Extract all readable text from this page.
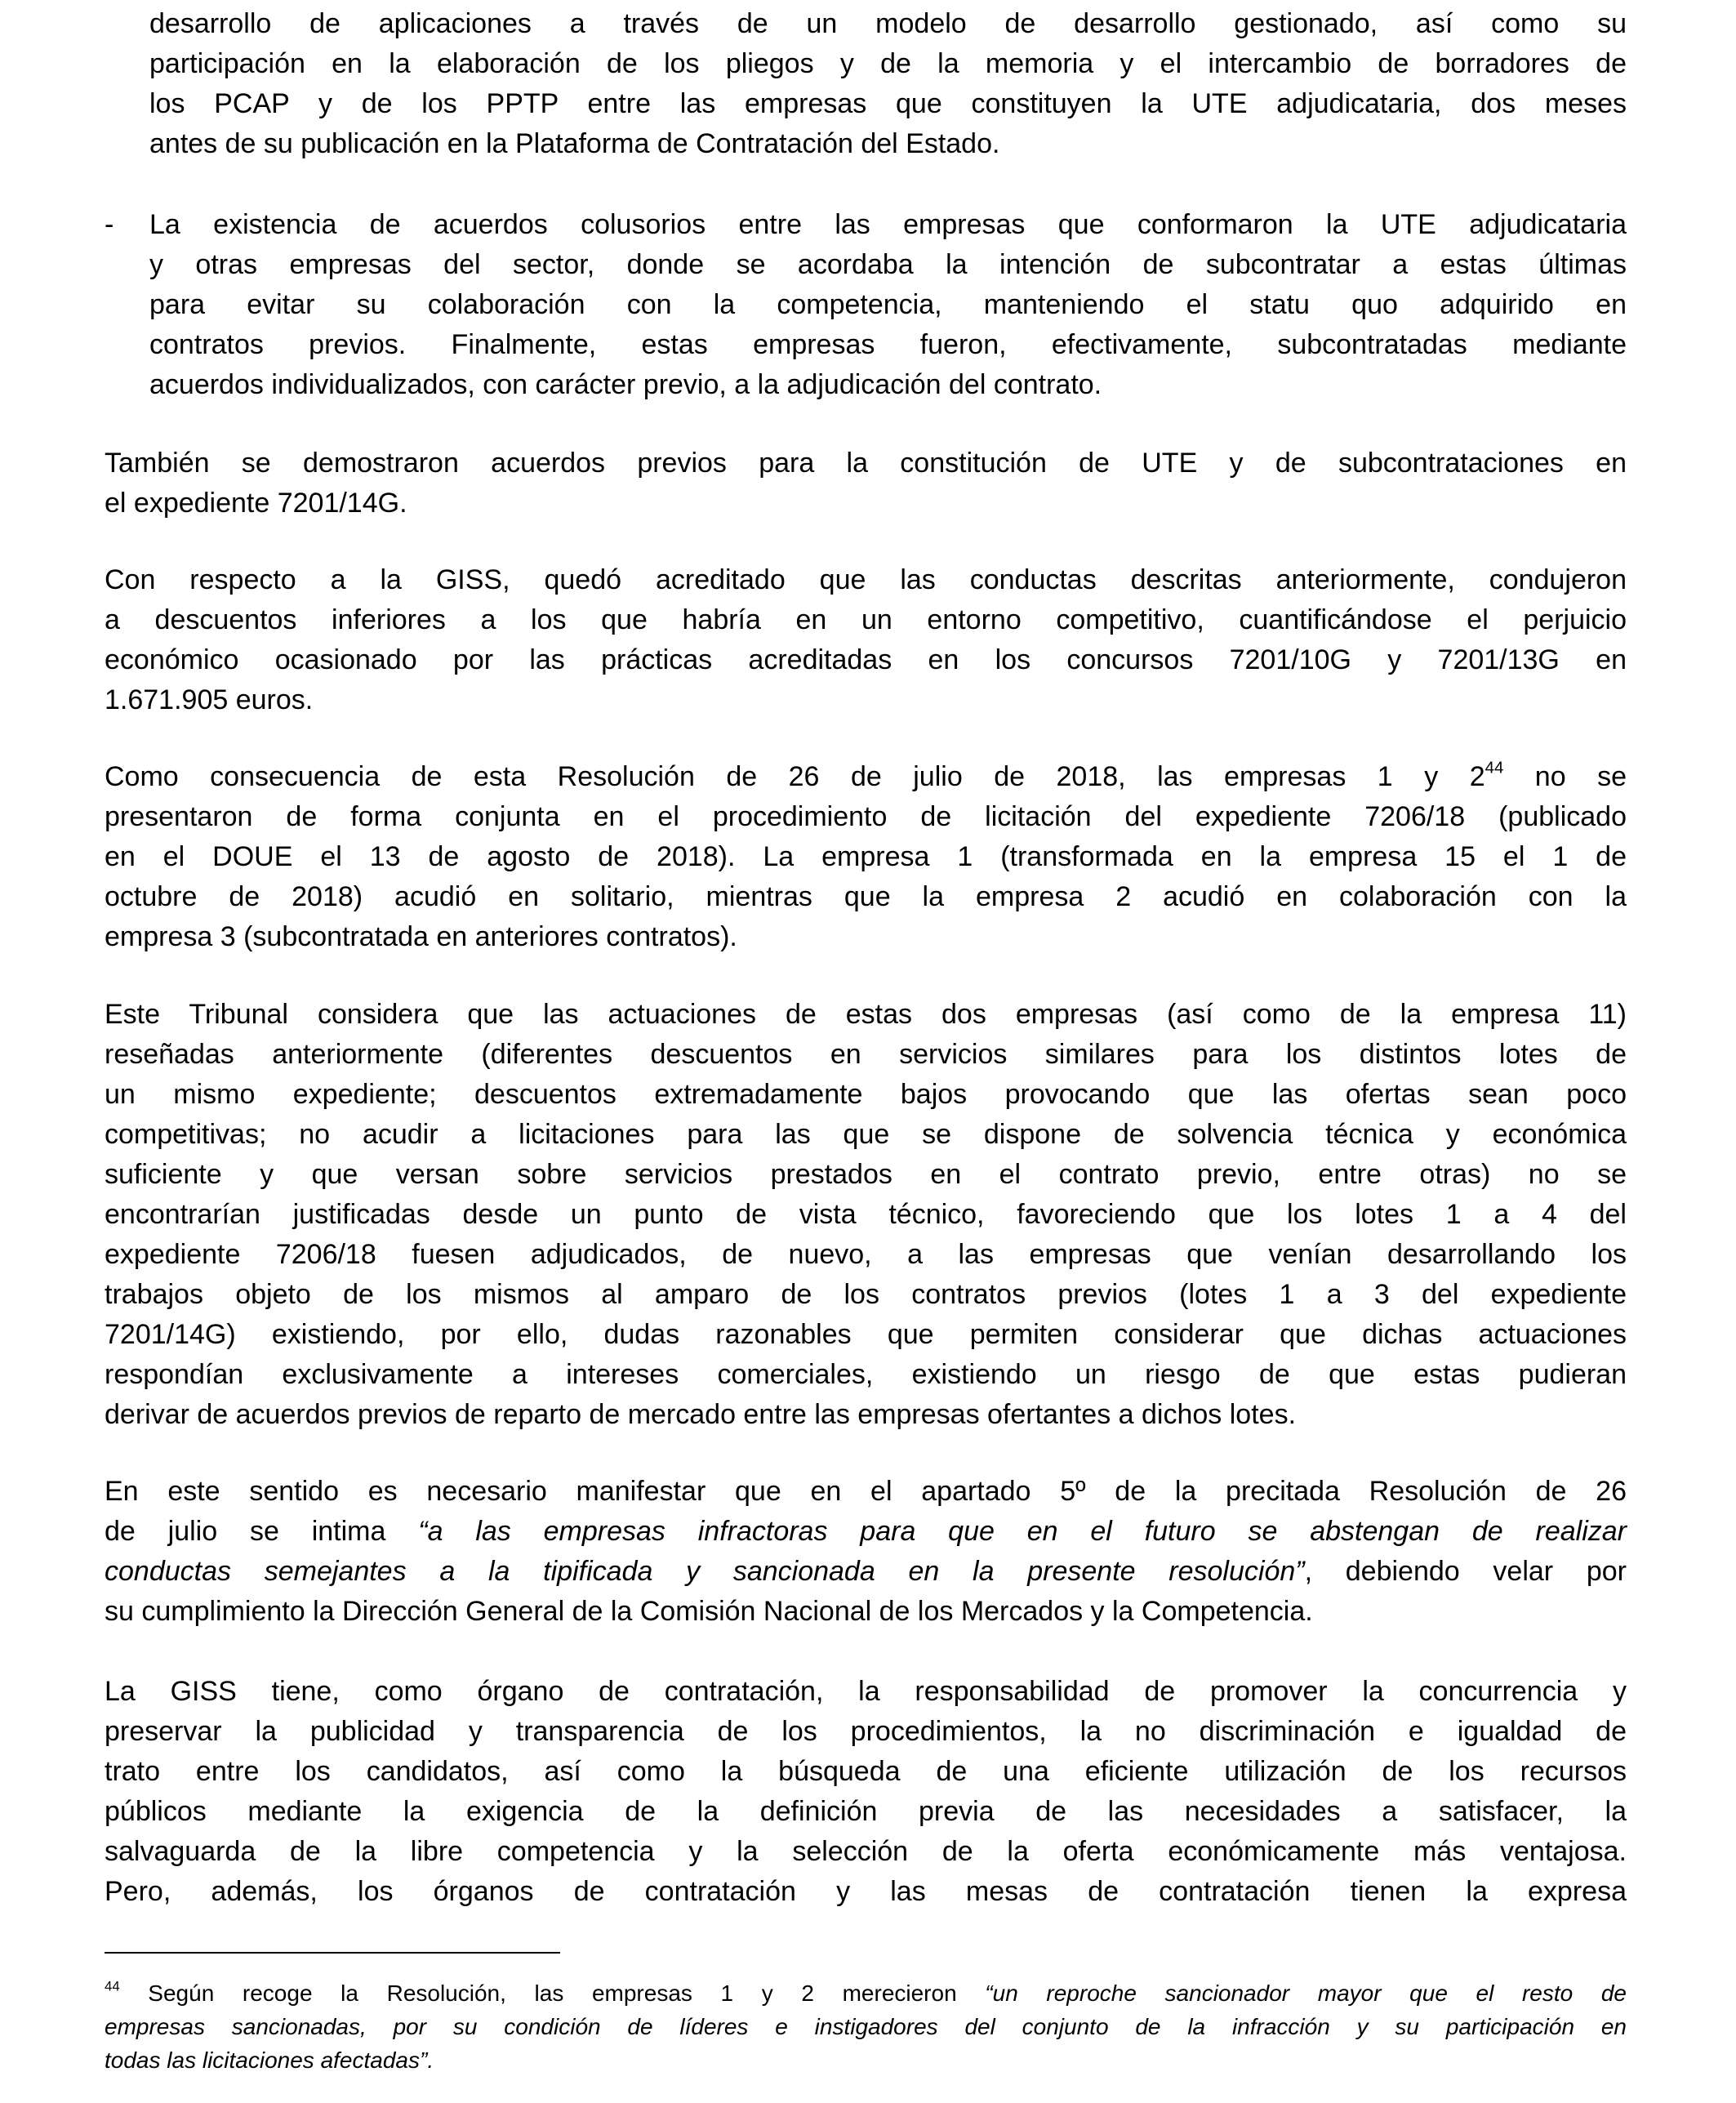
desarrollo de aplicaciones a través de un modelo de desarrollo gestionado, así como su
participación en la elaboración de los pliegos y de la memoria y el intercambio de borradores de
los PCAP y de los PPTP entre las empresas que constituyen la UTE adjudicataria, dos meses
antes de su publicación en la Plataforma de Contratación del Estado.
- La existencia de acuerdos colusorios entre las empresas que conformaron la UTE adjudicataria
y otras empresas del sector, donde se acordaba la intención de subcontratar a estas últimas
para evitar su colaboración con la competencia, manteniendo el statu quo adquirido en
contratos previos. Finalmente, estas empresas fueron, efectivamente, subcontratadas mediante
acuerdos individualizados, con carácter previo, a la adjudicación del contrato.
También se demostraron acuerdos previos para la constitución de UTE y de subcontrataciones en
el expediente 7201/14G.
Con respecto a la GISS, quedó acreditado que las conductas descritas anteriormente, condujeron
a descuentos inferiores a los que habría en un entorno competitivo, cuantificándose el perjuicio
económico ocasionado por las prácticas acreditadas en los concursos 7201/10G y 7201/13G en
1.671.905 euros.
Como consecuencia de esta Resolución de 26 de julio de 2018, las empresas 1 y $2^{44}$ no se
presentaron de forma conjunta en el procedimiento de licitación del expediente 7206/18 (publicado
en el DOUE el 13 de agosto de 2018). La empresa 1 (transformada en la empresa 15 el 1 de
octubre de 2018) acudió en solitario, mientras que la empresa 2 acudió en colaboración con la
empresa 3 (subcontratada en anteriores contratos).
Este Tribunal considera que las actuaciones de estas dos empresas (así como de la empresa 11)
reseñadas anteriormente (diferentes descuentos en servicios similares para los distintos lotes de
un mismo expediente; descuentos extremadamente bajos provocando que las ofertas sean poco
competitivas; no acudir a licitaciones para las que se dispone de solvencia técnica y económica
suficiente y que versan sobre servicios prestados en el contrato previo, entre otras) no se
encontrarían justificadas desde un punto de vista técnico, favoreciendo que los lotes 1 a 4 del
expediente 7206/18 fuesen adjudicados, de nuevo, a las empresas que venían desarrollando los
trabajos objeto de los mismos al amparo de los contratos previos (lotes 1 a 3 del expediente
7201/14G) existiendo, por ello, dudas razonables que permiten considerar que dichas actuaciones
respondían exclusivamente a intereses comerciales, existiendo un riesgo de que estas pudieran
derivar de acuerdos previos de reparto de mercado entre las empresas ofertantes a dichos lotes.
En este sentido es necesario manifestar que en el apartado 5º de la precitada Resolución de 26
de julio se intima “a las empresas infractoras para que en el futuro se abstengan de realizar
conductas semejantes a la tipificada y sancionada en la presente resolución”, debiendo velar por
su cumplimiento la Dirección General de la Comisión Nacional de los Mercados y la Competencia.
La GISS tiene, como órgano de contratación, la responsabilidad de promover la concurrencia y
preservar la publicidad y transparencia de los procedimientos, la no discriminación e igualdad de
trato entre los candidatos, así como la búsqueda de una eficiente utilización de los recursos
públicos mediante la exigencia de la definición previa de las necesidades a satisfacer, la
salvaguarda de la libre competencia y la selección de la oferta económicamente más ventajosa.
Pero, además, los órganos de contratación y las mesas de contratación tienen la expresa
$^{44}$ Según recoge la Resolución, las empresas 1 y 2 merecieron “un reproche sancionador mayor que el resto de
empresas sancionadas, por su condición de líderes e instigadores del conjunto de la infracción y su participación en
todas las licitaciones afectadas”.
